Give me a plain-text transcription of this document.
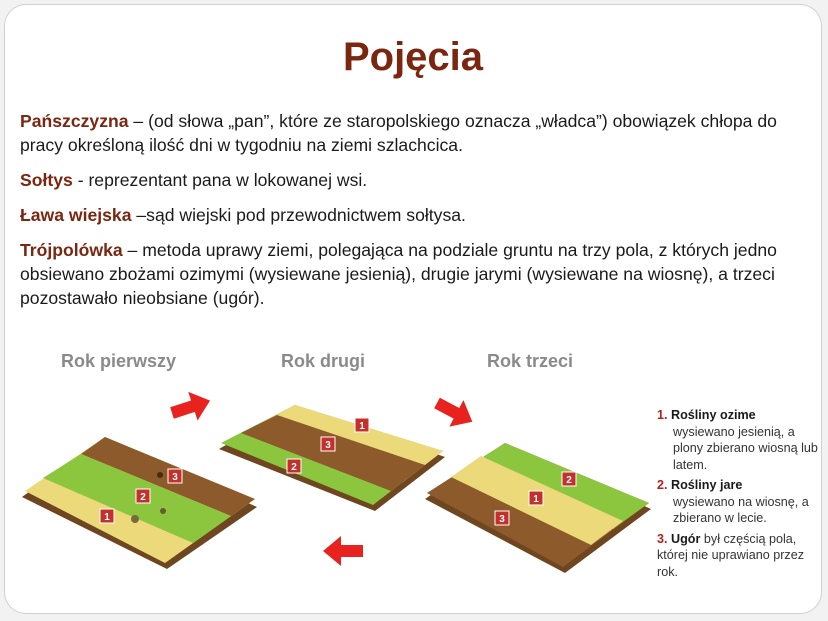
Pojęcia

Pańszczyzna – (od słowa „pan”, które ze staropolskiego oznacza „władca”) obowiązek chłopa do pracy określoną ilość dni w tygodniu na ziemi szlachcica.

Sołtys - reprezentant pana w lokowanej wsi.

Ława wiejska –sąd wiejski pod przewodnictwem sołtysa.

Trójpolówka – metoda uprawy ziemi, polegająca na podziale gruntu na trzy pola, z których jedno obsiewano zbożami ozimymi (wysiewane jesienią), drugie jarymi (wysiewane na wiosnę), a trzeci pozostawało nieobsiane (ugór).

Rok pierwszy	Rok drugi	Rok trzeci
3
2
1
1
3
2
2
1
3
1. Rośliny ozime
wysiewano jesienią, a plony zbierano wiosną lub latem.
2. Rośliny jare
wysiewano na wiosnę, a zbierano w lecie.
3. Ugór był częścią pola, której nie uprawiano przez rok.
